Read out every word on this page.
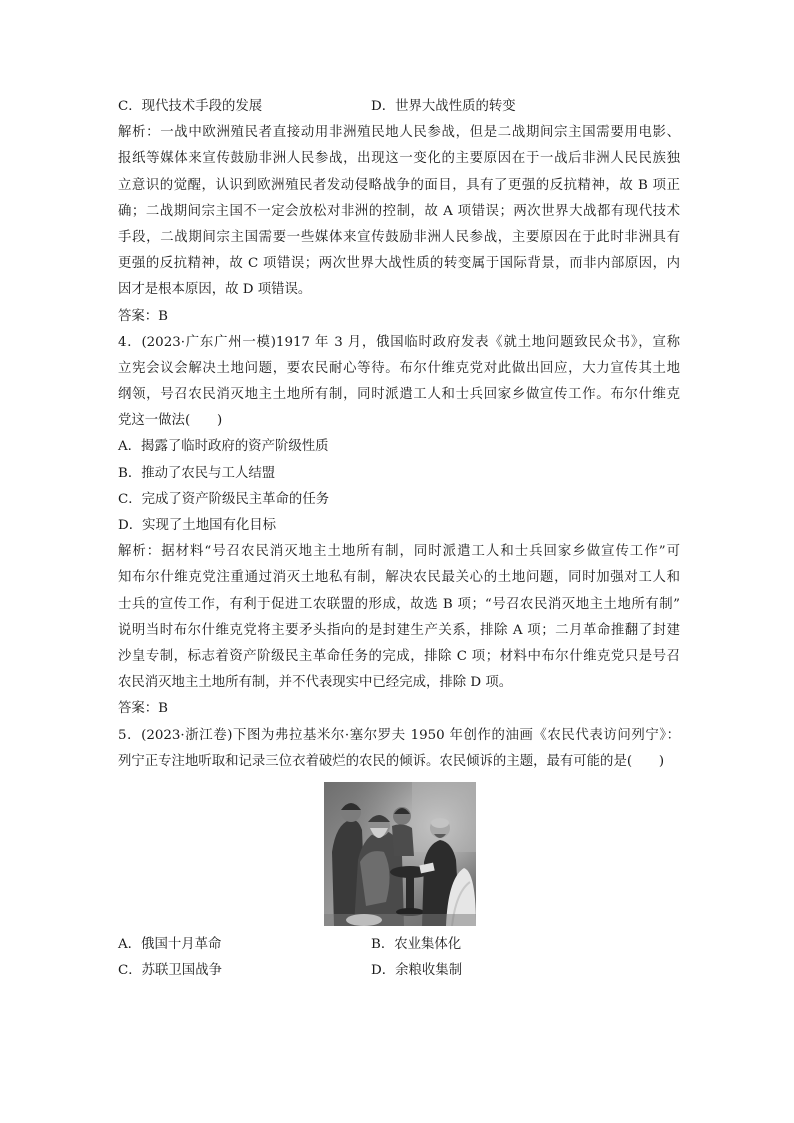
C．现代技术手段的发展	D．世界大战性质的转变
解析：一战中欧洲殖民者直接动用非洲殖民地人民参战，但是二战期间宗主国需要用电影、
报纸等媒体来宣传鼓励非洲人民参战，出现这一变化的主要原因在于一战后非洲人民民族独
立意识的觉醒，认识到欧洲殖民者发动侵略战争的面目，具有了更强的反抗精神，故 B 项正
确；二战期间宗主国不一定会放松对非洲的控制，故 A 项错误；两次世界大战都有现代技术
手段，二战期间宗主国需要一些媒体来宣传鼓励非洲人民参战，主要原因在于此时非洲具有
更强的反抗精神，故 C 项错误；两次世界大战性质的转变属于国际背景，而非内部原因，内
因才是根本原因，故 D 项错误。
答案：B
4．(2023·广东广州一模)1917 年 3 月，俄国临时政府发表《就土地问题致民众书》，宣称
立宪会议会解决土地问题，要农民耐心等待。布尔什维克党对此做出回应，大力宣传其土地
纲领，号召农民消灭地主土地所有制，同时派遣工人和士兵回家乡做宣传工作。布尔什维克
党这一做法(　　)
A．揭露了临时政府的资产阶级性质
B．推动了农民与工人结盟
C．完成了资产阶级民主革命的任务
D．实现了土地国有化目标
解析：据材料“号召农民消灭地主土地所有制，同时派遣工人和士兵回家乡做宣传工作”可
知布尔什维克党注重通过消灭土地私有制，解决农民最关心的土地问题，同时加强对工人和
士兵的宣传工作，有利于促进工农联盟的形成，故选 B 项；“号召农民消灭地主土地所有制”
说明当时布尔什维克党将主要矛头指向的是封建生产关系，排除 A 项；二月革命推翻了封建
沙皇专制，标志着资产阶级民主革命任务的完成，排除 C 项；材料中布尔什维克党只是号召
农民消灭地主土地所有制，并不代表现实中已经完成，排除 D 项。
答案：B
5．(2023·浙江卷)下图为弗拉基米尔·塞尔罗夫 1950 年创作的油画《农民代表访问列宁》：
列宁正专注地听取和记录三位衣着破烂的农民的倾诉。农民倾诉的主题，最有可能的是(　　)
A．俄国十月革命	B．农业集体化
C．苏联卫国战争	D．余粮收集制
